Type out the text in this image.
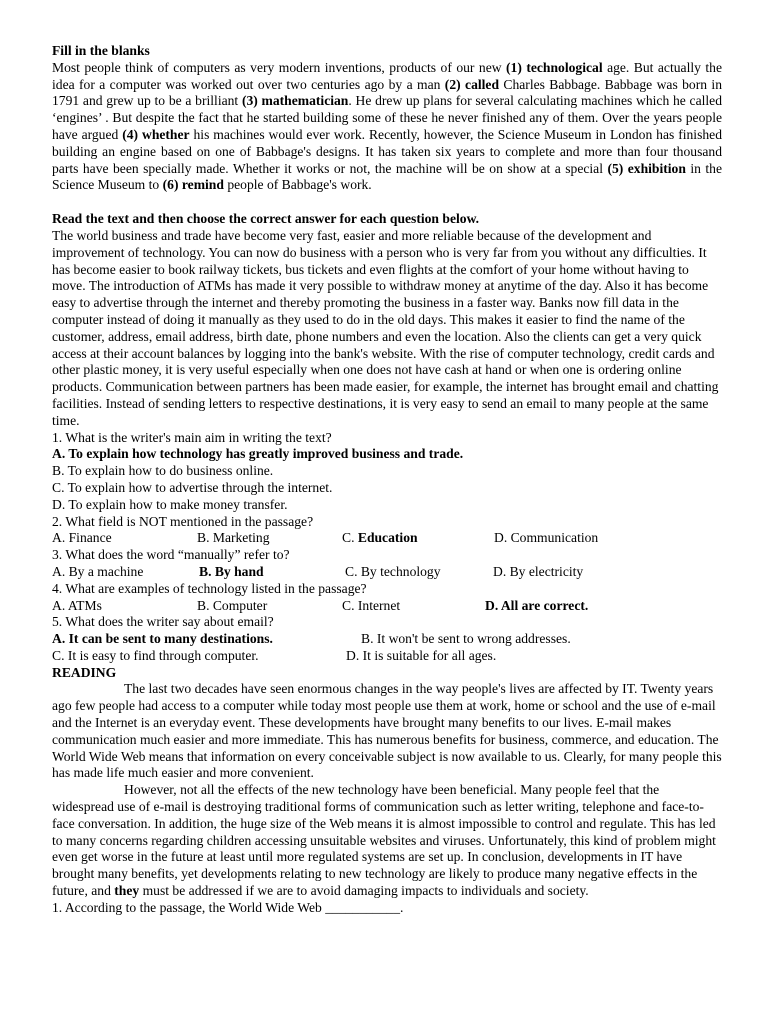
Fill in the blanks

Most people think of computers as very modern inventions, products of our new (1) technological age. But actually the idea for a computer was worked out over two centuries ago by a man (2) called Charles Babbage. Babbage was born in 1791 and grew up to be a brilliant (3) mathematician. He drew up plans for several calculating machines which he called ‘engines’ . But despite the fact that he started building some of these he never finished any of them. Over the years people have argued (4) whether his machines would ever work. Recently, however, the Science Museum in London has finished building an engine based on one of Babbage's designs. It has taken six years to complete and more than four thousand parts have been specially made. Whether it works or not, the machine will be on show at a special (5) exhibition in the Science Museum to (6) remind people of Babbage's work.

Read the text and then choose the correct answer for each question below.

The world business and trade have become very fast, easier and more reliable because of the development and improvement of technology. You can now do business with a person who is very far from you without any difficulties. It has become easier to book railway tickets, bus tickets and even flights at the comfort of your home without having to move. The introduction of ATMs has made it very possible to withdraw money at anytime of the day. Also it has become easy to advertise through the internet and thereby promoting the business in a faster way. Banks now fill data in the computer instead of doing it manually as they used to do in the old days. This makes it easier to find the name of the customer, address, email address, birth date, phone numbers and even the location. Also the clients can get a very quick access at their account balances by logging into the bank's website. With the rise of computer technology, credit cards and other plastic money, it is very useful especially when one does not have cash at hand or when one is ordering online products. Communication between partners has been made easier, for example, the internet has brought email and chatting facilities. Instead of sending letters to respective destinations, it is very easy to send an email to many people at the same time.

1. What is the writer's main aim in writing the text?

A. To explain how technology has greatly improved business and trade.

B. To explain how to do business online.

C. To explain how to advertise through the internet.

D. To explain how to make money transfer.

2. What field is NOT mentioned in the passage?

A. Finance	B. Marketing	C. Education	D. Communication

3. What does the word “manually” refer to?

A. By a machine	B. By hand	C. By technology	D. By electricity

4. What are examples of technology listed in the passage?

A. ATMs	B. Computer	C. Internet	D. All are correct.

5. What does the writer say about email?

A. It can be sent to many destinations.	B. It won't be sent to wrong addresses.
C. It is easy to find through computer.	D. It is suitable for all ages.

READING

The last two decades have seen enormous changes in the way people's lives are affected by IT. Twenty years ago few people had access to a computer while today most people use them at work, home or school and the use of e-mail and the Internet is an everyday event. These developments have brought many benefits to our lives. E-mail makes communication much easier and more immediate. This has numerous benefits for business, commerce, and education. The World Wide Web means that information on every conceivable subject is now available to us. Clearly, for many people this has made life much easier and more convenient.

However, not all the effects of the new technology have been beneficial. Many people feel that the widespread use of e-mail is destroying traditional forms of communication such as letter writing, telephone and face-to-face conversation. In addition, the huge size of the Web means it is almost impossible to control and regulate. This has led to many concerns regarding children accessing unsuitable websites and viruses. Unfortunately, this kind of problem might even get worse in the future at least until more regulated systems are set up. In conclusion, developments in IT have brought many benefits, yet developments relating to new technology are likely to produce many negative effects in the future, and they must be addressed if we are to avoid damaging impacts to individuals and society.

1. According to the passage, the World Wide Web ___________.
